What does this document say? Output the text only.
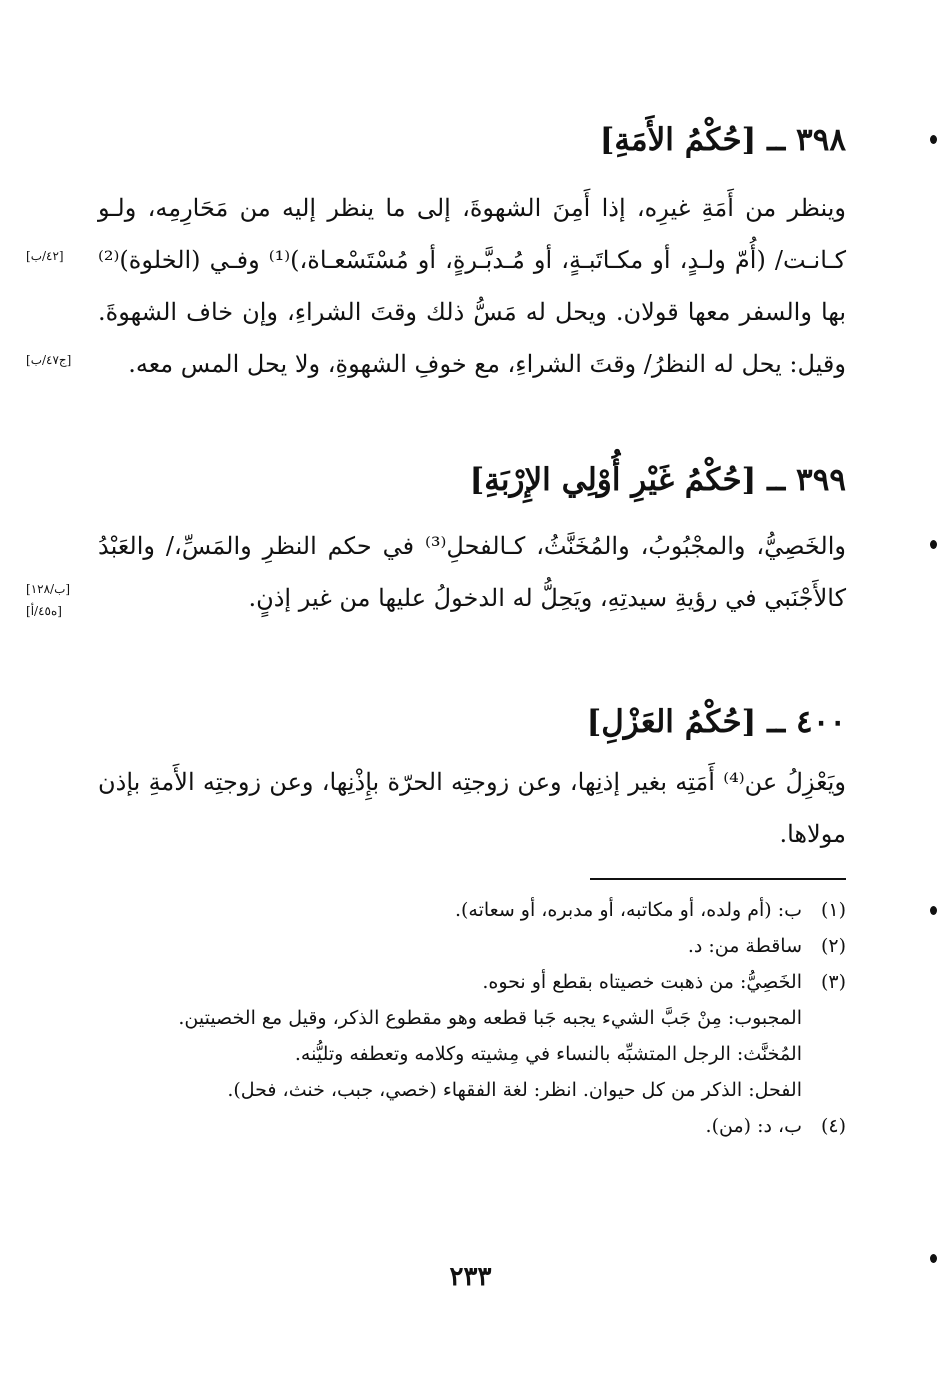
٣٩٨ ــ [حُكْمُ الأَمَةِ]
وينظر من أَمَةِ غيرِه، إذا أَمِنَ الشهوةَ، إلى ما ينظر إليه من مَحَارِمِه، ولـو كـانـت/ (أُمّ ولـدٍ، أو مكـاتَبـةٍ، أو مُـدبَّـرةٍ، أو مُسْتَسْعـاة،)⁽¹⁾ وفـي (الخلوة)⁽²⁾ بها والسفر معها قولان. ويحل له مَسُّ ذلك وقتَ الشراءِ، وإن خاف الشهوةَ. وقيل: يحل له النظرُ/ وقتَ الشراءِ، مع خوفِ الشهوةِ، ولا يحل المس معه.
٣٩٩ ــ [حُكْمُ غَيْرِ أُوْلِي الإِرْبَةِ]
والخَصِيُّ، والمجْبُوبُ، والمُخَنَّثُ، كـالفحلِ⁽³⁾ في حكم النظرِ والمَسِّ،/ والعَبْدُ كالأَجْنَبي في رؤيةِ سيدتِهِ، ويَحِلُّ له الدخولُ عليها من غير إذنٍ.
٤٠٠ ــ [حُكْمُ العَزْلِ]
ويَعْزِلُ عن⁽⁴⁾ أَمَتِه بغير إذنِها، وعن زوجتِه الحرّة بإِذْنِها، وعن زوجتِه الأَمةِ بإذن مولاها.
[٤٢/ب]
[ج٤٧/ب]
[ب/١٢٨]
[ه٤٥/أ]
(١)
ب: (أم ولده، أو مكاتبه، أو مدبره، أو سعاته).
(٢)
ساقطة من: د.
(٣)
الخَصِيُّ: من ذهبت خصيتاه بقطع أو نحوه.
المجبوب: مِنْ جَبَّ الشيء يجبه جَبا قطعه وهو مقطوع الذكر، وقيل مع الخصيتين.
المُخنَّث: الرجل المتشبِّه بالنساء في مِشيته وكلامه وتعطفه وتليُّنه.
الفحل: الذكر من كل حيوان. انظر: لغة الفقهاء (خصي، جبب، خنث، فحل).
(٤)
ب، د: (من).
٢٣٣
